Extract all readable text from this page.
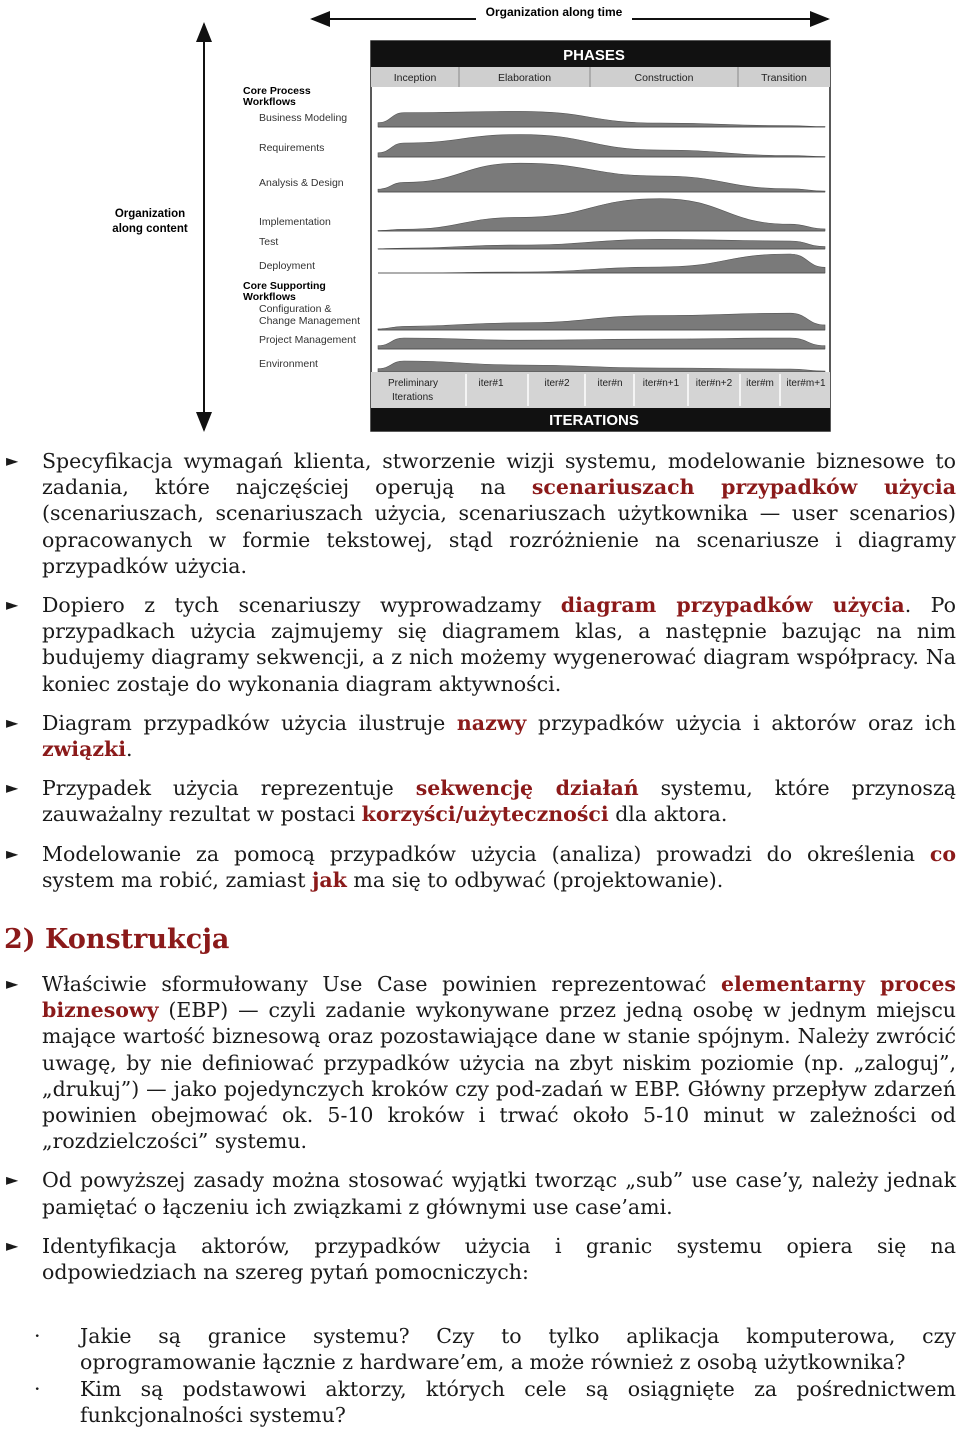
Organization along time
Organization
along content
PHASES
Inception	Elaboration	Construction	Transition
Core Process
Workflows
Core Supporting
Workflows
Business Modeling
Requirements
Analysis & Design
Implementation
Test
Deployment
Configuration &
Change Management
Project Management
Environment
Preliminary
Iterations
iter#1	iter#2	iter#n iter#n+1 iter#n+2 iter#m iter#m+1
ITERATIONS
►	Specyfikacja wymagań klienta, stworzenie wizji systemu, modelowanie biznesowe to zadania, które najczęściej operują na scenariuszach przypadków użycia (scenariuszach, scenariuszach użycia, scenariuszach użytkownika — user scenarios) opracowanych w formie tekstowej, stąd rozróżnienie na scenariusze i diagramy przypadków użycia.
►	Dopiero z tych scenariuszy wyprowadzamy diagram przypadków użycia. Po przypadkach użycia zajmujemy się diagramem klas, a następnie bazując na nim budujemy diagramy sekwencji, a z nich możemy wygenerować diagram współpracy. Na koniec zostaje do wykonania diagram aktywności.
►	Diagram przypadków użycia ilustruje nazwy przypadków użycia i aktorów oraz ich związki.
►	Przypadek użycia reprezentuje sekwencję działań systemu, które przynoszą zauważalny rezultat w postaci korzyści/użyteczności dla aktora.
►	Modelowanie za pomocą przypadków użycia (analiza) prowadzi do określenia co system ma robić, zamiast jak ma się to odbywać (projektowanie).
2) Konstrukcja
►	Właściwie sformułowany Use Case powinien reprezentować elementarny proces biznesowy (EBP) — czyli zadanie wykonywane przez jedną osobę w jednym miejscu mające wartość biznesową oraz pozostawiające dane w stanie spójnym. Należy zwrócić uwagę, by nie definiować przypadków użycia na zbyt niskim poziomie (np. „zaloguj”, „drukuj”) — jako pojedynczych kroków czy pod-zadań w EBP. Główny przepływ zdarzeń powinien obejmować ok. 5-10 kroków i trwać około 5-10 minut w zależności od „rozdzielczości” systemu.
►	Od powyższej zasady można stosować wyjątki tworząc „sub” use case’y, należy jednak pamiętać o łączeniu ich związkami z głównymi use case’ami.
►	Identyfikacja aktorów, przypadków użycia i granic systemu opiera się na odpowiedziach na szereg pytań pomocniczych:
·	Jakie są granice systemu? Czy to tylko aplikacja komputerowa, czy oprogramowanie łącznie z hardware’em, a może również z osobą użytkownika?
·	Kim są podstawowi aktorzy, których cele są osiągnięte za pośrednictwem funkcjonalności systemu?
